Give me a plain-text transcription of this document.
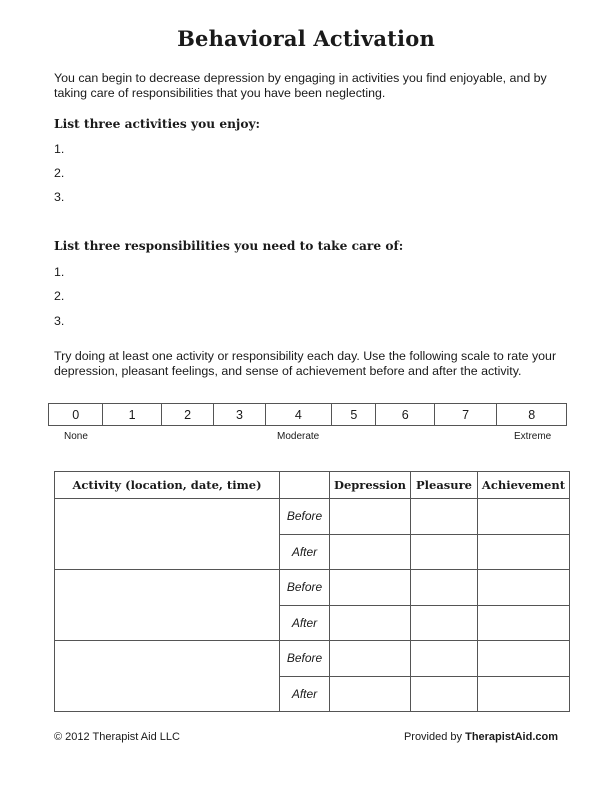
Behavioral Activation
You can begin to decrease depression by engaging in activities you find enjoyable, and by taking care of responsibilities that you have been neglecting.
List three activities you enjoy:
1.
2.
3.
List three responsibilities you need to take care of:
1.
2.
3.
Try doing at least one activity or responsibility each day. Use the following scale to rate your depression, pleasant feelings, and sense of achievement before and after the activity.
0	1	2	3	4	5	6	7	8
None	Moderate	Extreme
Activity (location, date, time)		Depression	Pleasure	Achievement
	Before			
	After			
	Before			
	After			
	Before			
	After			
© 2012 Therapist Aid LLC	Provided by TherapistAid.com
